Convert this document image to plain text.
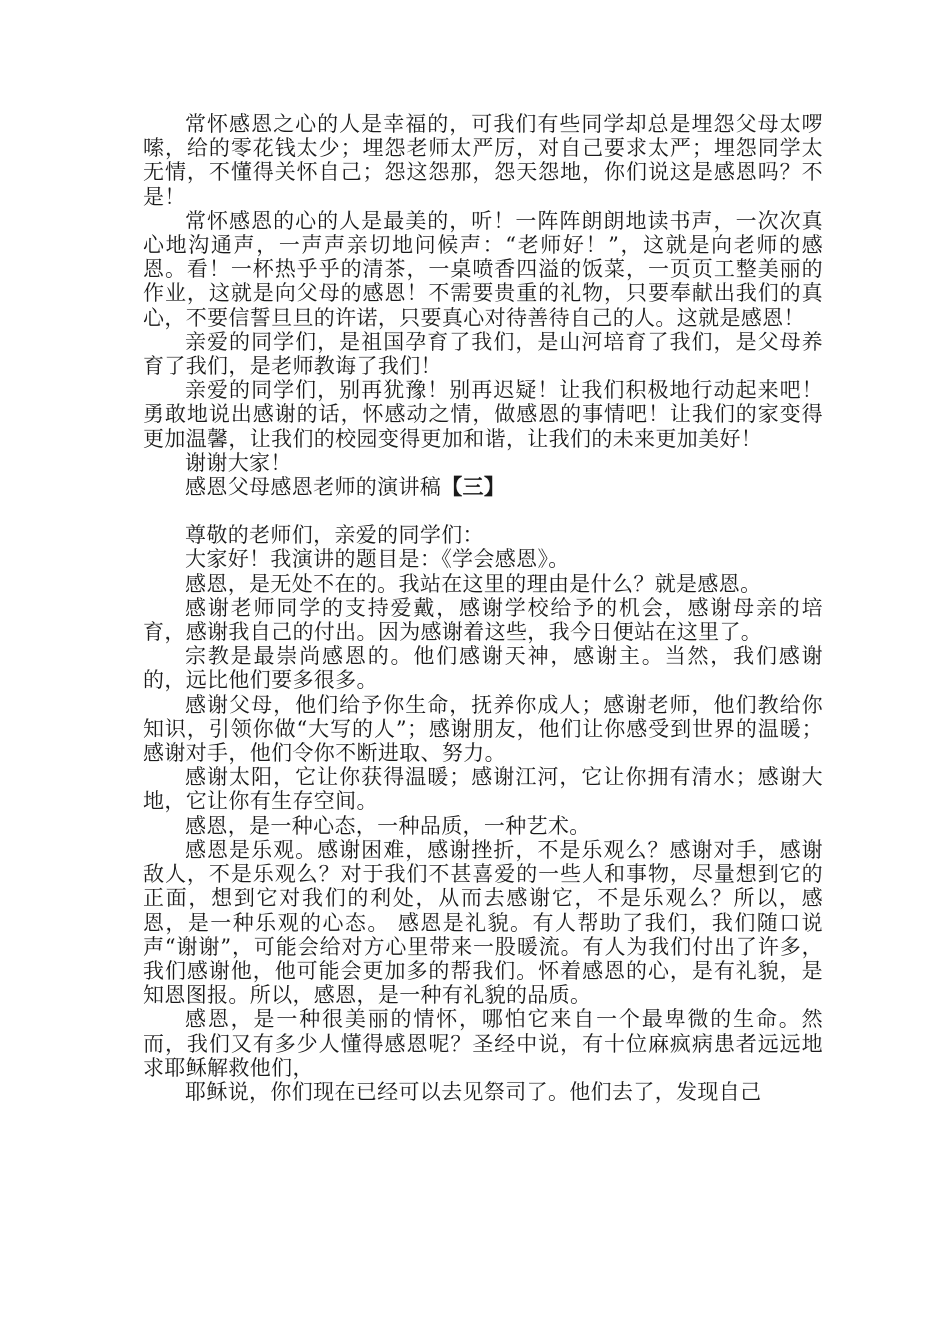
常怀感恩之心的人是幸福的，可我们有些同学却总是埋怨父母太啰嗦，给的零花钱太少；埋怨老师太严厉，对自己要求太严；埋怨同学太无情，不懂得关怀自己；怨这怨那，怨天怨地，你们说这是感恩吗？不是！

常怀感恩的心的人是最美的，听！一阵阵朗朗地读书声，一次次真心地沟通声，一声声亲切地问候声：“老师好！”，这就是向老师的感恩。看！一杯热乎乎的清茶，一桌喷香四溢的饭菜，一页页工整美丽的作业，这就是向父母的感恩！不需要贵重的礼物，只要奉献出我们的真心，不要信誓旦旦的许诺，只要真心对待善待自己的人。这就是感恩！

亲爱的同学们，是祖国孕育了我们，是山河培育了我们，是父母养育了我们，是老师教诲了我们！

亲爱的同学们，别再犹豫！别再迟疑！让我们积极地行动起来吧！勇敢地说出感谢的话，怀感动之情，做感恩的事情吧！让我们的家变得更加温馨，让我们的校园变得更加和谐，让我们的未来更加美好！

谢谢大家！

感恩父母感恩老师的演讲稿【三】

尊敬的老师们，亲爱的同学们：

大家好！我演讲的题目是：《学会感恩》。

感恩，是无处不在的。我站在这里的理由是什么？就是感恩。

感谢老师同学的支持爱戴，感谢学校给予的机会，感谢母亲的培育，感谢我自己的付出。因为感谢着这些，我今日便站在这里了。

宗教是最崇尚感恩的。他们感谢天神，感谢主。当然，我们感谢的，远比他们要多很多。

感谢父母，他们给予你生命，抚养你成人；感谢老师，他们教给你知识，引领你做“大写的人”；感谢朋友，他们让你感受到世界的温暖；感谢对手，他们令你不断进取、努力。

感谢太阳，它让你获得温暖；感谢江河，它让你拥有清水；感谢大地，它让你有生存空间。

感恩，是一种心态，一种品质，一种艺术。

感恩是乐观。感谢困难，感谢挫折，不是乐观么？感谢对手，感谢敌人，不是乐观么？对于我们不甚喜爱的一些人和事物，尽量想到它的正面，想到它对我们的利处，从而去感谢它，不是乐观么？所以，感恩，是一种乐观的心态。 感恩是礼貌。有人帮助了我们，我们随口说声“谢谢”，可能会给对方心里带来一股暖流。有人为我们付出了许多，我们感谢他，他可能会更加多的帮我们。怀着感恩的心，是有礼貌，是知恩图报。所以，感恩，是一种有礼貌的品质。

感恩，是一种很美丽的情怀，哪怕它来自一个最卑微的生命。然而，我们又有多少人懂得感恩呢？圣经中说，有十位麻疯病患者远远地求耶稣解救他们，

耶稣说，你们现在已经可以去见祭司了。他们去了，发现自己
